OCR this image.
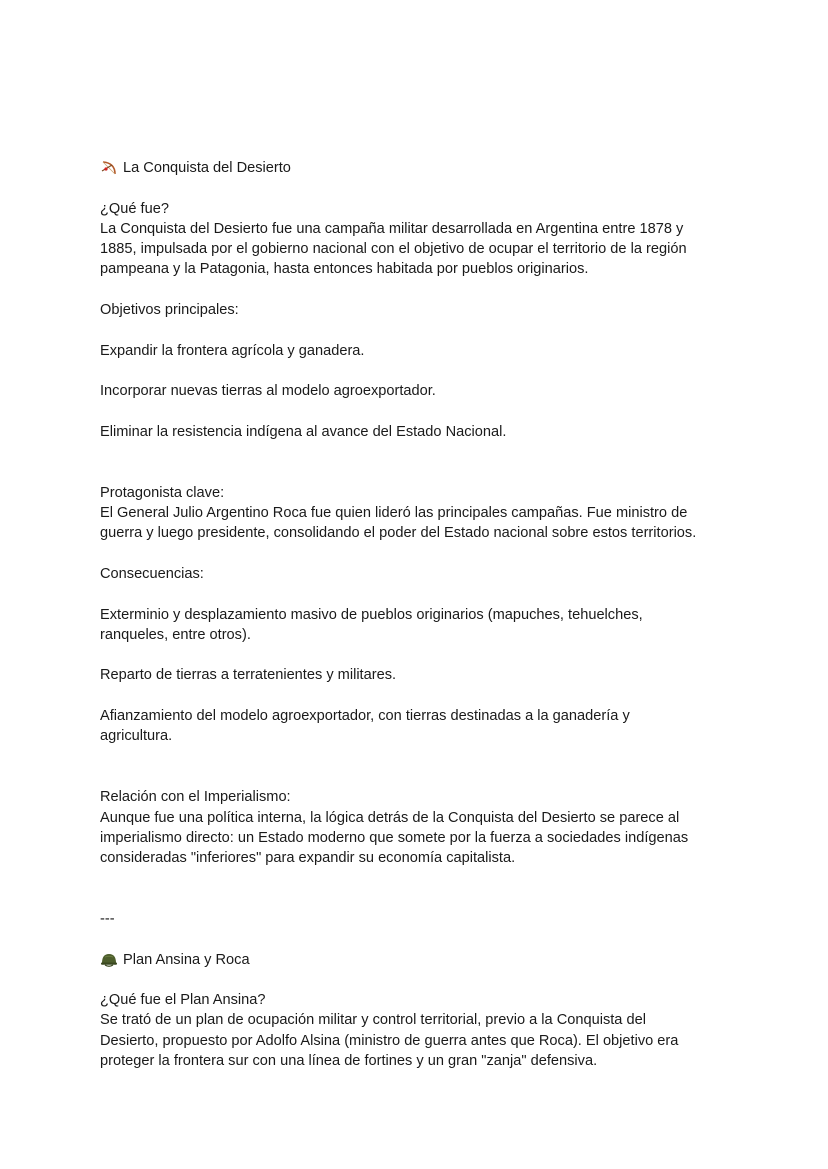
La Conquista del Desierto
¿Qué fue?
La Conquista del Desierto fue una campaña militar desarrollada en Argentina entre 1878 y
1885, impulsada por el gobierno nacional con el objetivo de ocupar el territorio de la región
pampeana y la Patagonia, hasta entonces habitada por pueblos originarios.
Objetivos principales:
Expandir la frontera agrícola y ganadera.
Incorporar nuevas tierras al modelo agroexportador.
Eliminar la resistencia indígena al avance del Estado Nacional.
Protagonista clave:
El General Julio Argentino Roca fue quien lideró las principales campañas. Fue ministro de
guerra y luego presidente, consolidando el poder del Estado nacional sobre estos territorios.
Consecuencias:
Exterminio y desplazamiento masivo de pueblos originarios (mapuches, tehuelches,
ranqueles, entre otros).
Reparto de tierras a terratenientes y militares.
Afianzamiento del modelo agroexportador, con tierras destinadas a la ganadería y
agricultura.
Relación con el Imperialismo:
Aunque fue una política interna, la lógica detrás de la Conquista del Desierto se parece al
imperialismo directo: un Estado moderno que somete por la fuerza a sociedades indígenas
consideradas "inferiores" para expandir su economía capitalista.
---
Plan Ansina y Roca
¿Qué fue el Plan Ansina?
Se trató de un plan de ocupación militar y control territorial, previo a la Conquista del
Desierto, propuesto por Adolfo Alsina (ministro de guerra antes que Roca). El objetivo era
proteger la frontera sur con una línea de fortines y un gran "zanja" defensiva.
